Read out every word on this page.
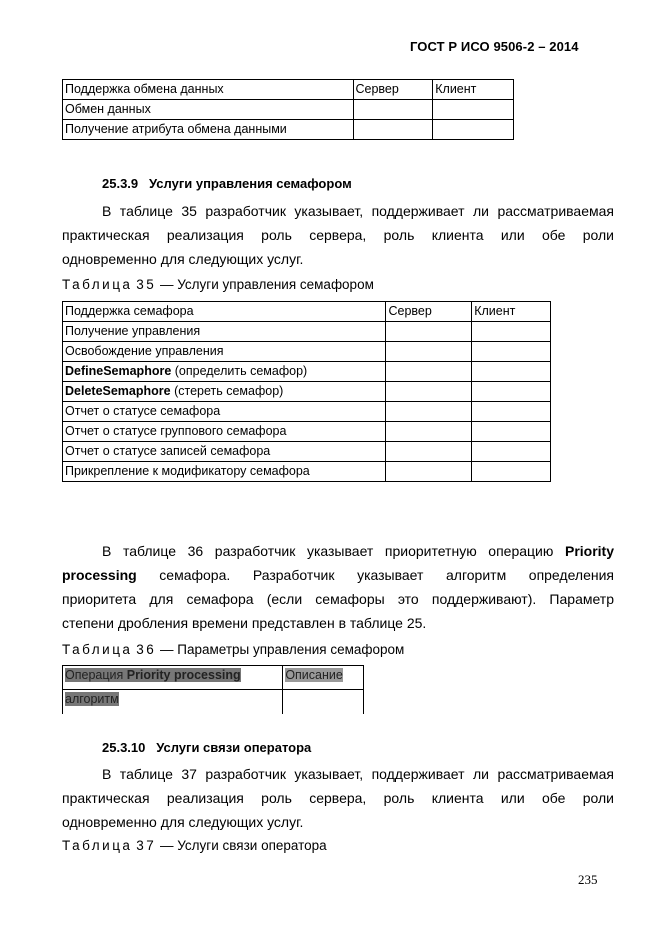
ГОСТ Р ИСО 9506-2 – 2014
Поддержка обмена данных	Сервер	Клиент
Обмен данных		
Получение атрибута обмена данными		
25.3.9 Услуги управления семафором
В таблице 35 разработчик указывает, поддерживает ли рассматриваемая
практическая реализация роль сервера, роль клиента или обе роли
одновременно для следующих услуг.
Таблица 35 — Услуги управления семафором
Поддержка семафора	Сервер	Клиент
Получение управления		
Освобождение управления		
DefineSemaphore (определить семафор)		
DeleteSemaphore (стереть семафор)		
Отчет о статусе семафора		
Отчет о статусе группового семафора		
Отчет о статусе записей семафора		
Прикрепление к модификатору семафора		
В таблице 36 разработчик указывает приоритетную операцию Priority
processing семафора. Разработчик указывает алгоритм определения
приоритета для семафора (если семафоры это поддерживают). Параметр
степени дробления времени представлен в таблице 25.
Таблица 36 — Параметры управления семафором
Операция Priority processing	Описание
алгоритм	
25.3.10 Услуги связи оператора
В таблице 37 разработчик указывает, поддерживает ли рассматриваемая
практическая реализация роль сервера, роль клиента или обе роли
одновременно для следующих услуг.
Таблица 37 — Услуги связи оператора
235
